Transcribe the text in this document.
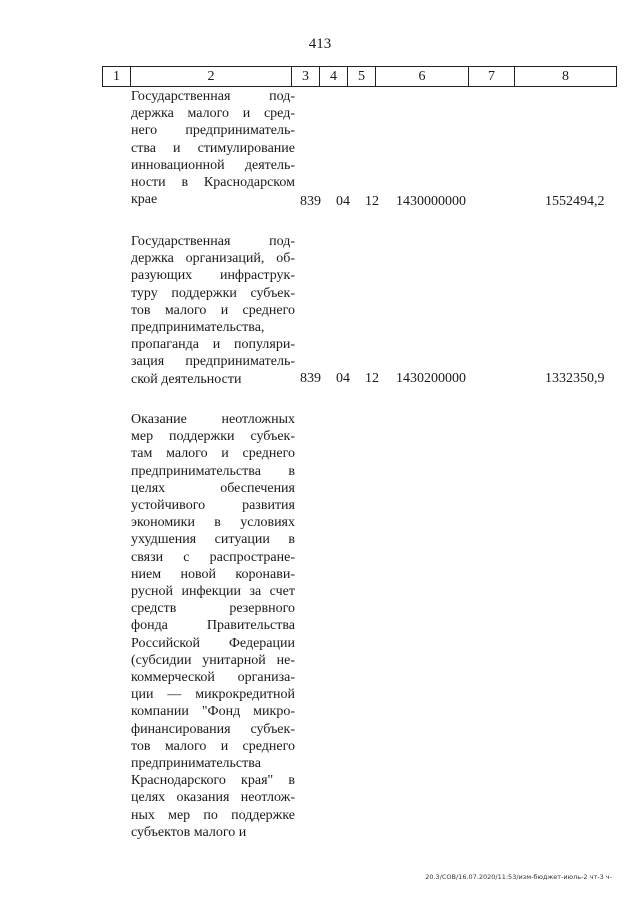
413
1	2	3	4	5	6	7	8
Государственная под-
держка малого и сред-
него предприниматель-
ства и стимулирование
инновационной деятель-
ности в Краснодарском
крае	839 04 12 1430000000	1552494,2
Государственная под-
держка организаций, об-
разующих инфраструк-
туру поддержки субъек-
тов малого и среднего
предпринимательства,
пропаганда и популяри-
зация предприниматель-
ской деятельности	839 04 12 1430200000	1332350,9
Оказание неотложных
мер поддержки субъек-
там малого и среднего
предпринимательства в
целях обеспечения
устойчивого развития
экономики в условиях
ухудшения ситуации в
связи с распростране-
нием новой коронави-
русной инфекции за счет
средств резервного
фонда Правительства
Российской Федерации
(субсидии унитарной не-
коммерческой организа-
ции — микрокредитной
компании "Фонд микро-
финансирования субъек-
тов малого и среднего
предпринимательства
Краснодарского края" в
целях оказания неотлож-
ных мер по поддержке
субъектов малого и
20.3/СОВ/16.07.2020/11:53/изм-бюджет-июль-2 чт-3 ч-
